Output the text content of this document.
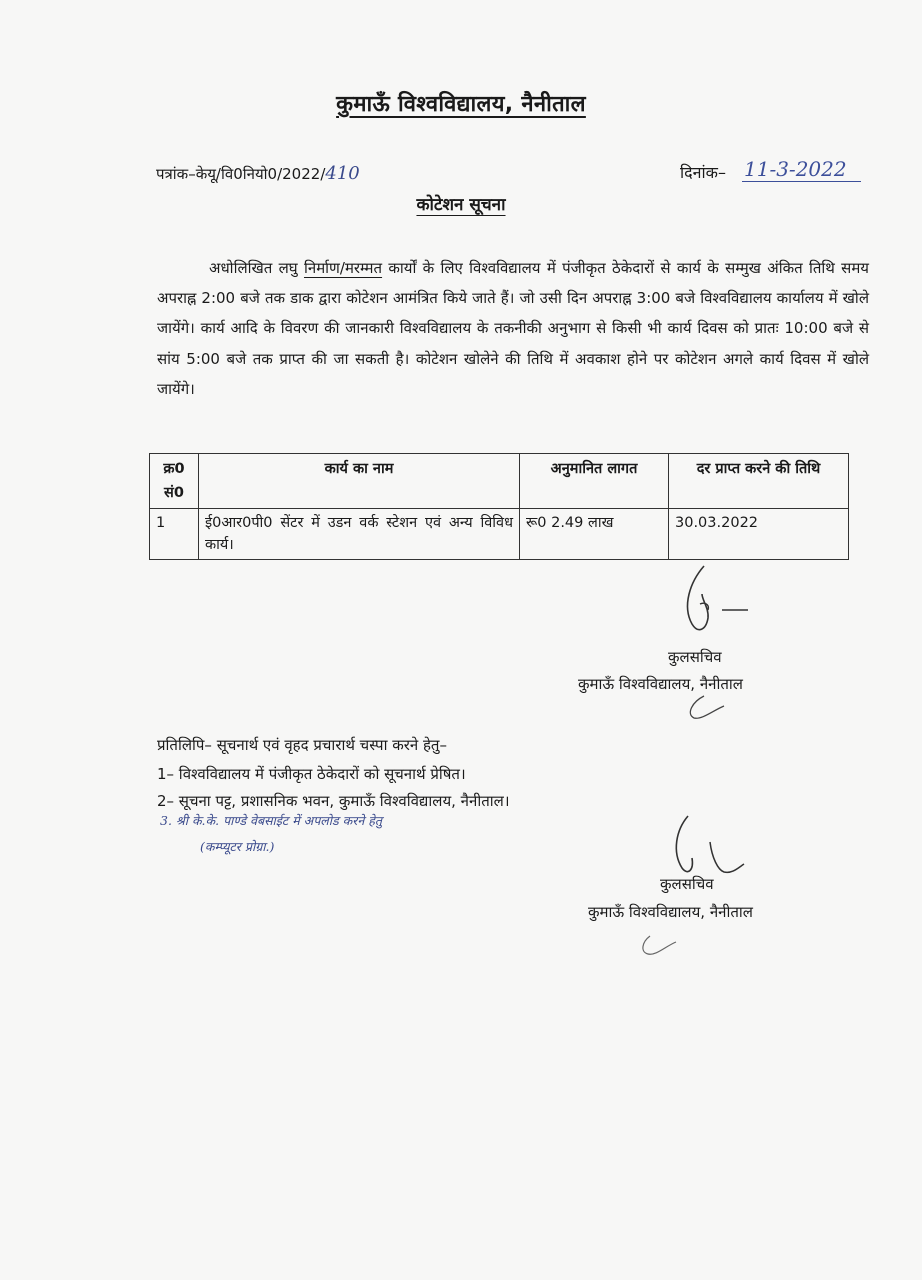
कुमाऊँ विश्वविद्यालय, नैनीताल
पत्रांक–केयू/वि0नियो0/2022/410	दिनांक– 11-3-2022
कोटेशन सूचना
अधोलिखित लघु निर्माण/मरम्मत कार्यों के लिए विश्वविद्यालय में पंजीकृत ठेकेदारों से कार्य के सम्मुख अंकित तिथि समय अपराह्न 2:00 बजे तक डाक द्वारा कोटेशन आमंत्रित किये जाते हैं। जो उसी दिन अपराह्न 3:00 बजे विश्वविद्यालय कार्यालय में खोले जायेंगे। कार्य आदि के विवरण की जानकारी विश्वविद्यालय के तकनीकी अनुभाग से किसी भी कार्य दिवस को प्रातः 10:00 बजे से सांय 5:00 बजे तक प्राप्त की जा सकती है। कोटेशन खोलेने की तिथि में अवकाश होने पर कोटेशन अगले कार्य दिवस में खोले जायेंगे।
क्र0 सं0	कार्य का नाम	अनुमानित लागत	दर प्राप्त करने की तिथि
1	ई0आर0पी0 सेंटर में उडन वर्क स्टेशन एवं अन्य विविध कार्य।	रू0 2.49 लाख	30.03.2022
कुलसचिव
कुमाऊँ विश्वविद्यालय, नैनीताल
प्रतिलिपि– सूचनार्थ एवं वृहद प्रचारार्थ चस्पा करने हेतु–
1– विश्वविद्यालय में पंजीकृत ठेकेदारों को सूचनार्थ प्रेषित।
2– सूचना पट्ट, प्रशासनिक भवन, कुमाऊँ विश्वविद्यालय, नैनीताल।
3. श्री के.के. पाण्डे वेबसाईट में अपलोड करने हेतु
(कम्प्यूटर प्रोग्रा.)
कुलसचिव
कुमाऊँ विश्वविद्यालय, नैनीताल
